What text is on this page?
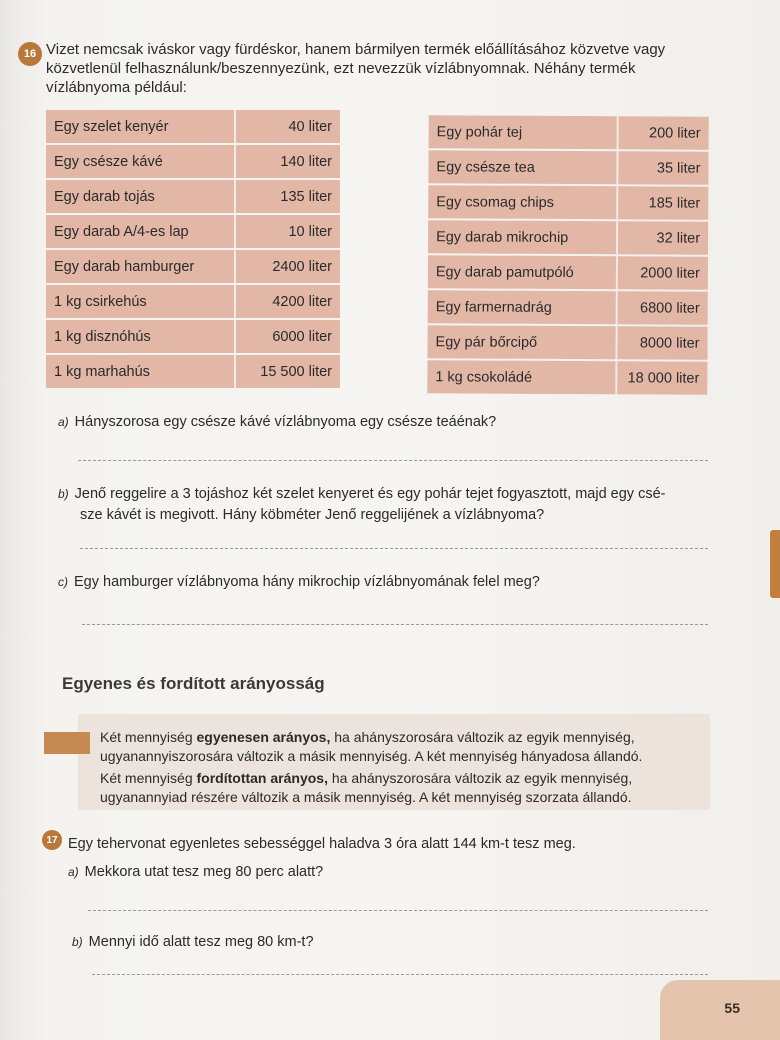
16 Vizet nemcsak iváskor vagy fürdéskor, hanem bármilyen termék előállításához közvetve vagy közvetlenül felhasználunk/beszennyezünk, ezt nevezzük vízlábnyomnak. Néhány termék vízlábnyoma például:
Egy szelet kenyér	40 liter
Egy csésze kávé	140 liter
Egy darab tojás	135 liter
Egy darab A/4-es lap	10 liter
Egy darab hamburger	2400 liter
1 kg csirkehús	4200 liter
1 kg disznóhús	6000 liter
1 kg marhahús	15 500 liter
Egy pohár tej	200 liter
Egy csésze tea	35 liter
Egy csomag chips	185 liter
Egy darab mikrochip	32 liter
Egy darab pamutpóló	2000 liter
Egy farmernadrág	6800 liter
Egy pár bőrcipő	8000 liter
1 kg csokoládé	18 000 liter
a) Hányszorosa egy csésze kávé vízlábnyoma egy csésze teáénak?
b) Jenő reggelire a 3 tojáshoz két szelet kenyeret és egy pohár tejet fogyasztott, majd egy csé-
sze kávét is megivott. Hány köbméter Jenő reggelijének a vízlábnyoma?
c) Egy hamburger vízlábnyoma hány mikrochip vízlábnyomának felel meg?
Egyenes és fordított arányosság

Két mennyiség egyenesen arányos, ha ahányszorosára változik az egyik mennyiség,
ugyanannyiszorosára változik a másik mennyiség. A két mennyiség hányadosa állandó.

Két mennyiség fordítottan arányos, ha ahányszorosára változik az egyik mennyiség,
ugyanannyiad részére változik a másik mennyiség. A két mennyiség szorzata állandó.

17 Egy tehervonat egyenletes sebességgel haladva 3 óra alatt 144 km-t tesz meg.
a) Mekkora utat tesz meg 80 perc alatt?
b) Mennyi idő alatt tesz meg 80 km-t?
55
